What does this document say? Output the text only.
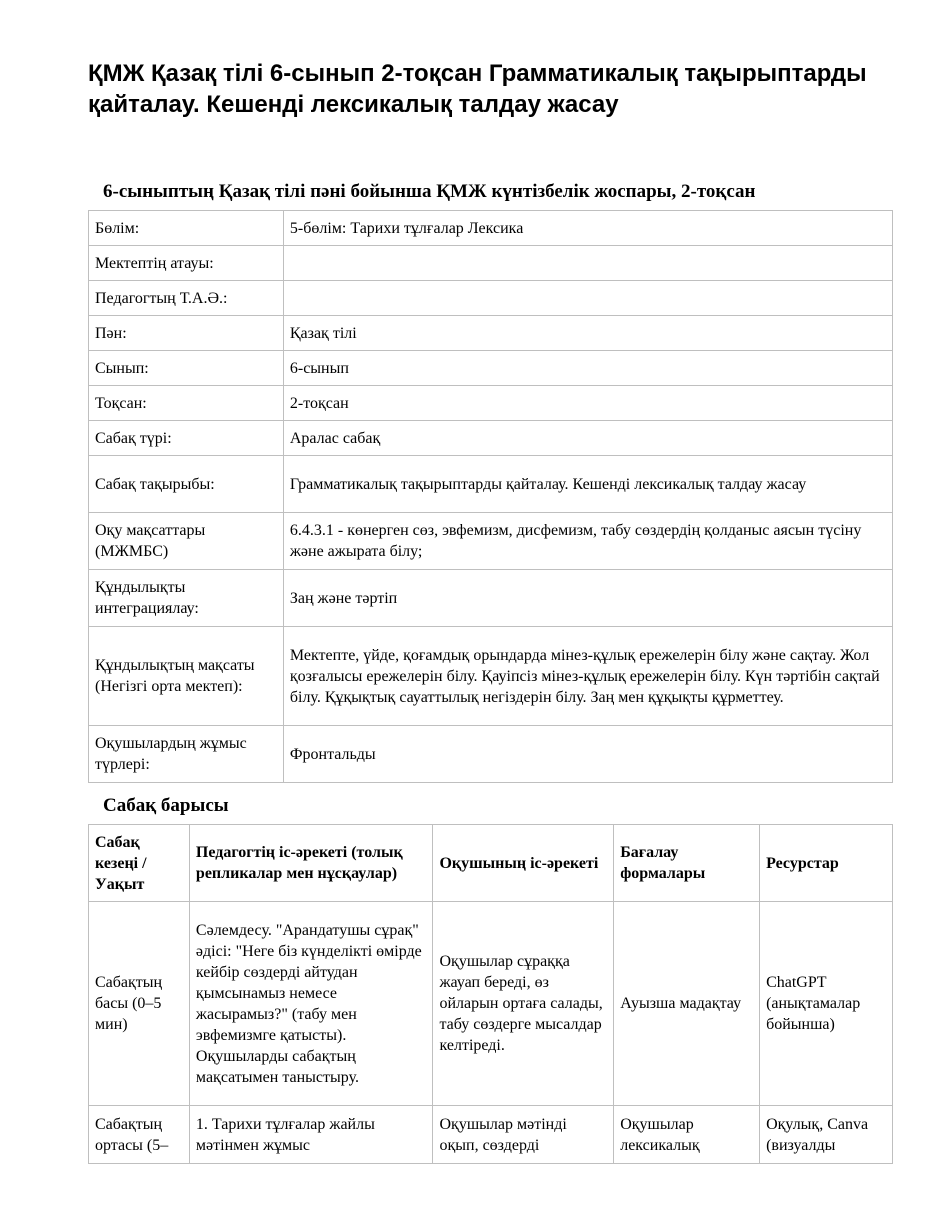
ҚМЖ Қазақ тілі 6-сынып 2-тоқсан Грамматикалық тақырыптарды қайталау. Кешенді лексикалық талдау жасау
6-сыныптың Қазақ тілі пәні бойынша ҚМЖ күнтізбелік жоспары, 2-тоқсан
Бөлім:	5-бөлім: Тарихи тұлғалар Лексика
Мектептің атауы:	
Педагогтың Т.А.Ә.:	
Пән:	Қазақ тілі
Сынып:	6-сынып
Тоқсан:	2-тоқсан
Сабақ түрі:	Аралас сабақ
Сабақ тақырыбы:	Грамматикалық тақырыптарды қайталау. Кешенді лексикалық талдау жасау
Оқу мақсаттары (МЖМБС)	6.4.3.1 - көнерген сөз, эвфемизм, дисфемизм, табу сөздердің қолданыс аясын түсіну және ажырата білу;
Құндылықты интеграциялау:	Заң және тәртіп
Құндылықтың мақсаты (Негізгі орта мектеп):	Мектепте, үйде, қоғамдық орындарда мінез-құлық ережелерін білу және сақтау. Жол қозғалысы ережелерін білу. Қауіпсіз мінез-құлық ережелерін білу. Күн тәртібін сақтай білу. Құқықтық сауаттылық негіздерін білу. Заң мен құқықты құрметтеу.
Оқушылардың жұмыс түрлері:	Фронтальды
Сабақ барысы
Сабақ кезеңі / Уақыт	Педагогтің іс-әрекеті (толық репликалар мен нұсқаулар)	Оқушының іс-әрекеті	Бағалау формалары	Ресурстар
Сабақтың басы (0–5 мин)	Сәлемдесу. "Арандатушы сұрақ" әдісі: "Неге біз күнделікті өмірде кейбір сөздерді айтудан қымсынамыз немесе жасырамыз?" (табу мен эвфемизмге қатысты). Оқушыларды сабақтың мақсатымен таныстыру.	Оқушылар сұраққа жауап береді, өз ойларын ортаға салады, табу сөздерге мысалдар келтіреді.	Ауызша мадақтау	ChatGPT (анықтамалар бойынша)
Сабақтың ортасы (5–	1. Тарихи тұлғалар жайлы мәтінмен жұмыс	Оқушылар мәтінді оқып, сөздерді	Оқушылар лексикалық	Оқулық, Canva (визуалды
